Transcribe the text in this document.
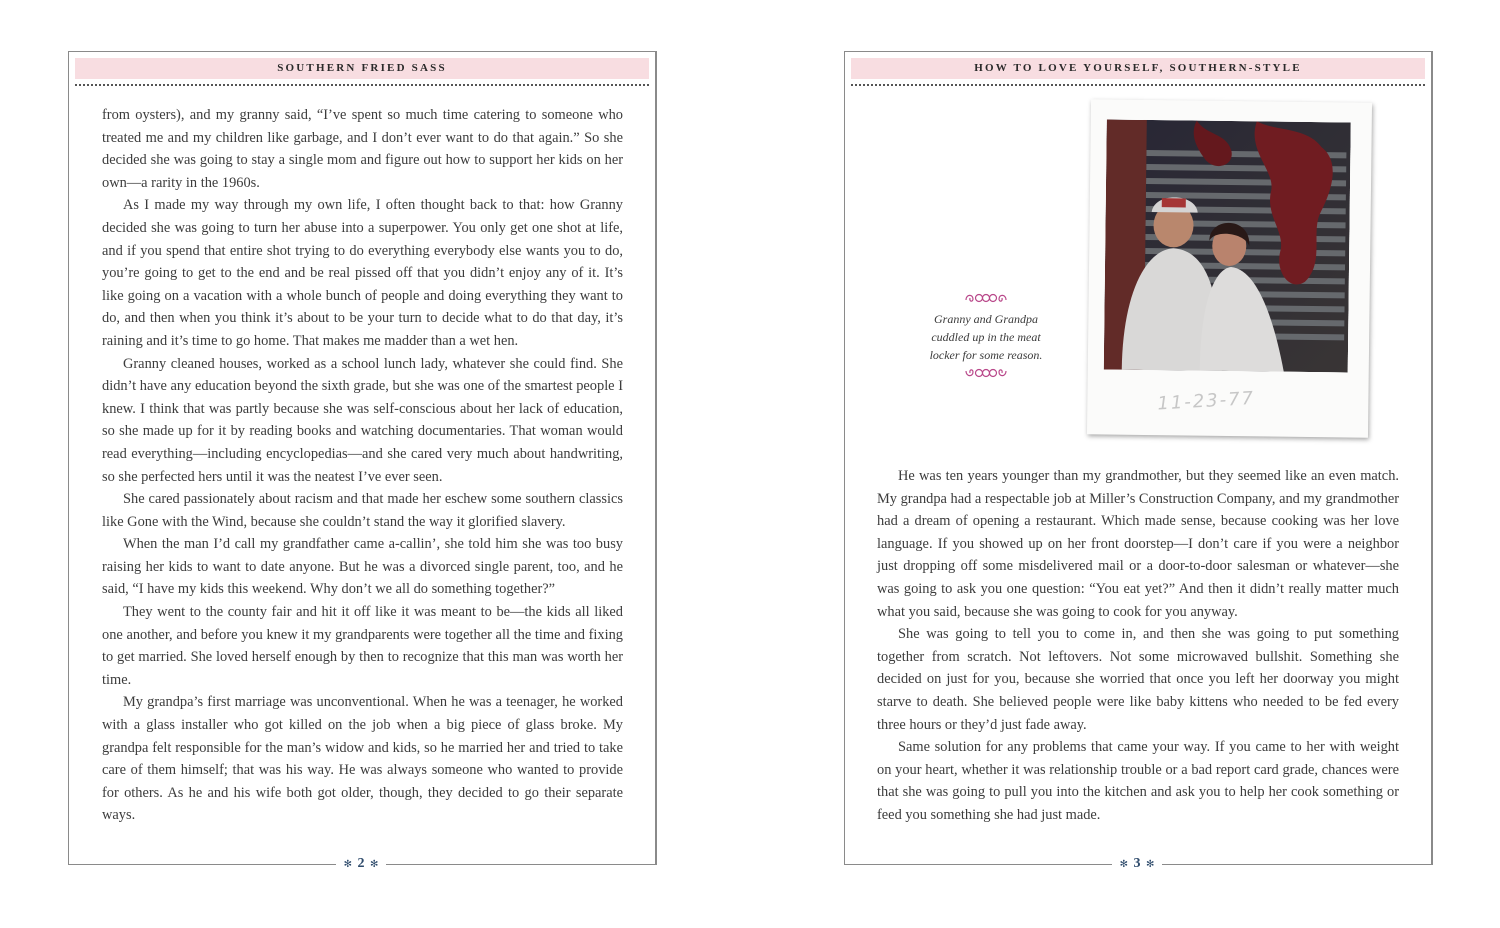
SOUTHERN FRIED SASS
✻ 2 ✻

from oysters), and my granny said, “I’ve spent so much time catering to someone who treated me and my children like garbage, and I don’t ever want to do that again.” So she decided she was going to stay a single mom and figure out how to support her kids on her own—a rarity in the 1960s.

As I made my way through my own life, I often thought back to that: how Granny decided she was going to turn her abuse into a superpower. You only get one shot at life, and if you spend that entire shot trying to do everything everybody else wants you to do, you’re going to get to the end and be real pissed off that you didn’t enjoy any of it. It’s like going on a vacation with a whole bunch of people and doing everything they want to do, and then when you think it’s about to be your turn to decide what to do that day, it’s raining and it’s time to go home. That makes me madder than a wet hen.

Granny cleaned houses, worked as a school lunch lady, whatever she could find. She didn’t have any education beyond the sixth grade, but she was one of the smartest people I knew. I think that was partly because she was self-conscious about her lack of education, so she made up for it by reading books and watching documentaries. That woman would read everything—including encyclopedias—and she cared very much about handwriting, so she perfected hers until it was the neatest I’ve ever seen.

She cared passionately about racism and that made her eschew some southern classics like Gone with the Wind, because she couldn’t stand the way it glorified slavery.

When the man I’d call my grandfather came a-callin’, she told him she was too busy raising her kids to want to date anyone. But he was a divorced single parent, too, and he said, “I have my kids this weekend. Why don’t we all do something together?”

They went to the county fair and hit it off like it was meant to be—the kids all liked one another, and before you knew it my grandparents were together all the time and fixing to get married. She loved herself enough by then to recognize that this man was worth her time.

My grandpa’s first marriage was unconventional. When he was a teenager, he worked with a glass installer who got killed on the job when a big piece of glass broke. My grandpa felt responsible for the man’s widow and kids, so he married her and tried to take care of them himself; that was his way. He was always someone who wanted to provide for others. As he and his wife both got older, though, they decided to go their separate ways.

HOW TO LOVE YOURSELF, SOUTHERN-STYLE
✻ 3 ✻
Granny and Grandpa cuddled up in the meat locker for some reason.
11-23-77

He was ten years younger than my grandmother, but they seemed like an even match. My grandpa had a respectable job at Miller’s Construction Company, and my grandmother had a dream of opening a restaurant. Which made sense, because cooking was her love language. If you showed up on her front doorstep—I don’t care if you were a neighbor just dropping off some misdelivered mail or a door-to-door salesman or whatever—she was going to ask you one question: “You eat yet?” And then it didn’t really matter much what you said, because she was going to cook for you anyway.

She was going to tell you to come in, and then she was going to put something together from scratch. Not leftovers. Not some microwaved bullshit. Something she decided on just for you, because she worried that once you left her doorway you might starve to death. She believed people were like baby kittens who needed to be fed every three hours or they’d just fade away.

Same solution for any problems that came your way. If you came to her with weight on your heart, whether it was relationship trouble or a bad report card grade, chances were that she was going to pull you into the kitchen and ask you to help her cook something or feed you something she had just made.
